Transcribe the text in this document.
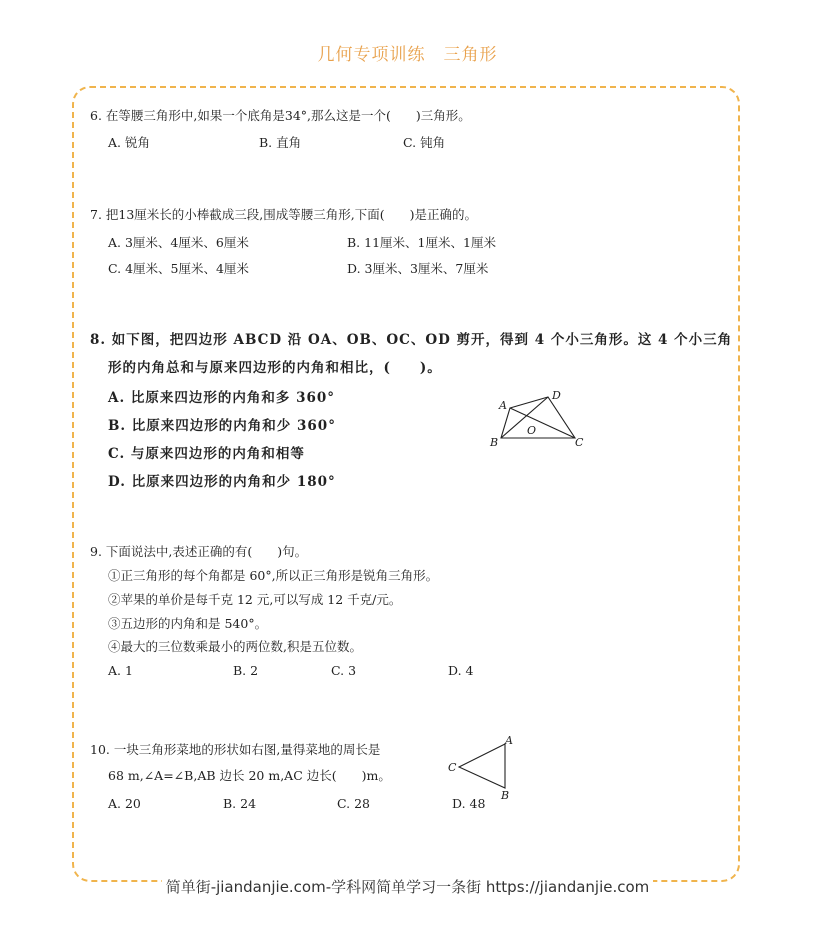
几何专项训练　三角形
6. 在等腰三角形中,如果一个底角是34°,那么这是一个(　　)三角形。
A. 锐角	B. 直角	C. 钝角
7. 把13厘米长的小棒截成三段,围成等腰三角形,下面(　　)是正确的。
A. 3厘米、4厘米、6厘米	B. 11厘米、1厘米、1厘米
C. 4厘米、5厘米、4厘米	D. 3厘米、3厘米、7厘米
8. 如下图，把四边形 ABCD 沿 OA、OB、OC、OD 剪开，得到 4 个小三角形。这 4 个小三角
形的内角总和与原来四边形的内角和相比，(　　)。
A. 比原来四边形的内角和多 360°
B. 比原来四边形的内角和少 360°
C. 与原来四边形的内角和相等
D. 比原来四边形的内角和少 180°
A
D
B	C
O
9. 下面说法中,表述正确的有(　　)句。
①正三角形的每个角都是 60°,所以正三角形是锐角三角形。
②苹果的单价是每千克 12 元,可以写成 12 千克/元。
③五边形的内角和是 540°。
④最大的三位数乘最小的两位数,积是五位数。
A. 1	B. 2	C. 3	D. 4
10. 一块三角形菜地的形状如右图,量得菜地的周长是
68 m,∠A=∠B,AB 边长 20 m,AC 边长(　　)m。
A. 20	B. 24	C. 28	D. 48
A
C
B
简单街-jiandanjie.com-学科网简单学习一条街 https://jiandanjie.com
